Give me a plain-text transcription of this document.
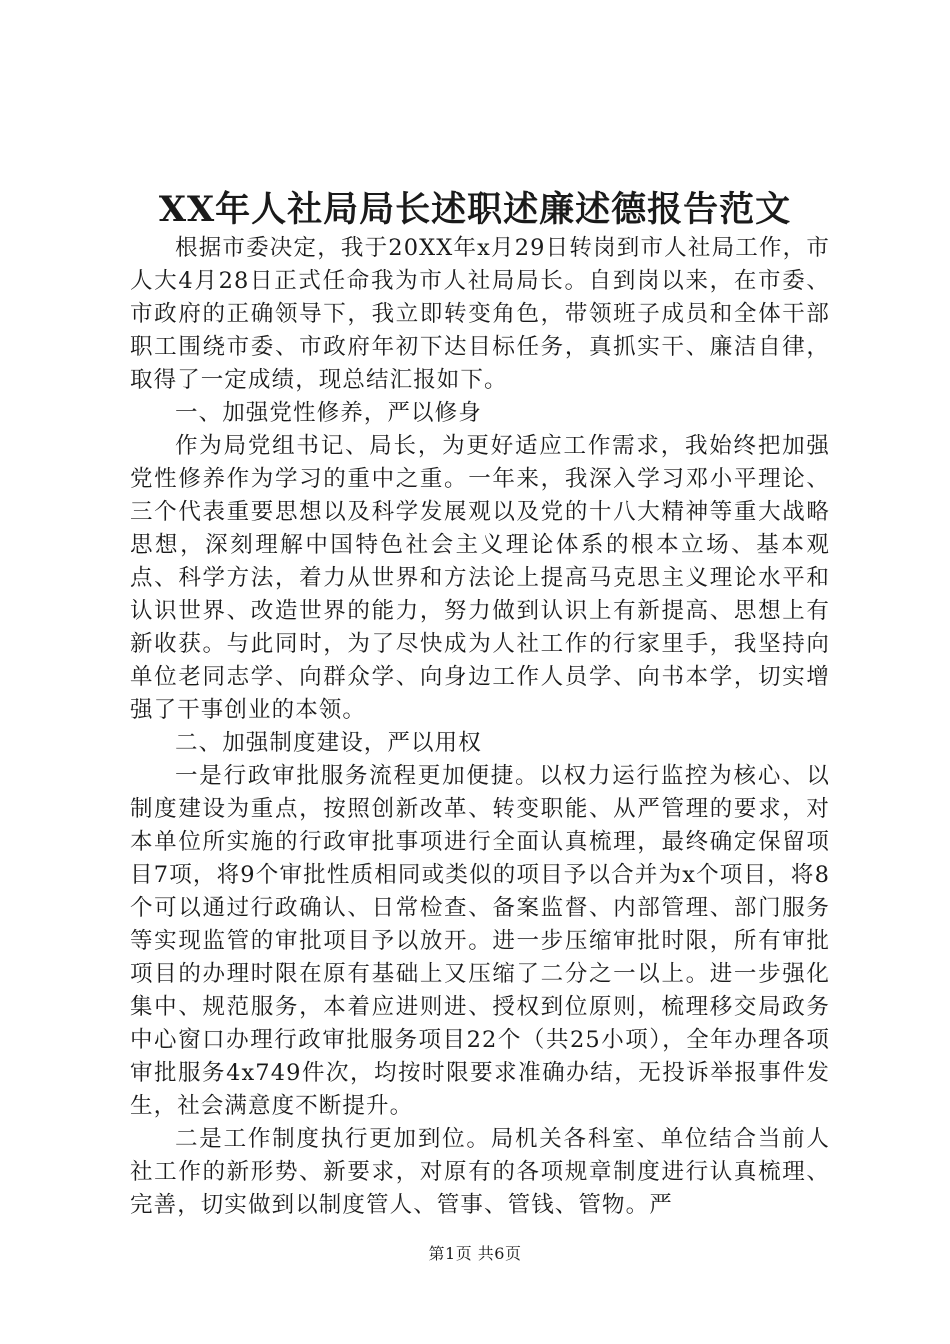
XX年人社局局长述职述廉述德报告范文

根据市委决定，我于20XX年x月29日转岗到市人社局工作，市人大4月28日正式任命我为市人社局局长。自到岗以来，在市委、市政府的正确领导下，我立即转变角色，带领班子成员和全体干部职工围绕市委、市政府年初下达目标任务，真抓实干、廉洁自律，取得了一定成绩，现总结汇报如下。

一、加强党性修养，严以修身

作为局党组书记、局长，为更好适应工作需求，我始终把加强党性修养作为学习的重中之重。一年来，我深入学习邓小平理论、三个代表重要思想以及科学发展观以及党的十八大精神等重大战略思想，深刻理解中国特色社会主义理论体系的根本立场、基本观点、科学方法，着力从世界和方法论上提高马克思主义理论水平和认识世界、改造世界的能力，努力做到认识上有新提高、思想上有新收获。与此同时，为了尽快成为人社工作的行家里手，我坚持向单位老同志学、向群众学、向身边工作人员学、向书本学，切实增强了干事创业的本领。

二、加强制度建设，严以用权

一是行政审批服务流程更加便捷。以权力运行监控为核心、以制度建设为重点，按照创新改革、转变职能、从严管理的要求，对本单位所实施的行政审批事项进行全面认真梳理，最终确定保留项目7项，将9个审批性质相同或类似的项目予以合并为x个项目，将8个可以通过行政确认、日常检查、备案监督、内部管理、部门服务等实现监管的审批项目予以放开。进一步压缩审批时限，所有审批项目的办理时限在原有基础上又压缩了二分之一以上。进一步强化集中、规范服务，本着应进则进、授权到位原则，梳理移交局政务中心窗口办理行政审批服务项目22个（共25小项），全年办理各项审批服务4x749件次，均按时限要求准确办结，无投诉举报事件发生，社会满意度不断提升。

二是工作制度执行更加到位。局机关各科室、单位结合当前人社工作的新形势、新要求，对原有的各项规章制度进行认真梳理、完善，切实做到以制度管人、管事、管钱、管物。严

第1页 共6页
